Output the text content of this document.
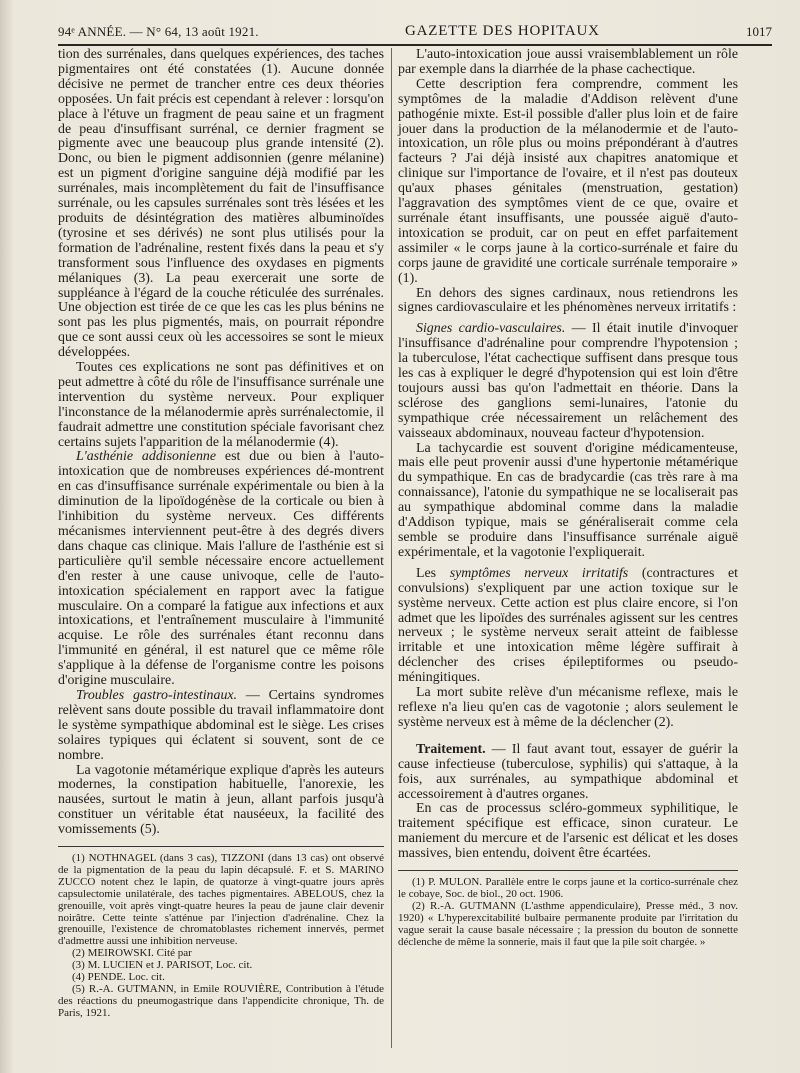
94ᵉ ANNÉE. — N° 64, 13 août 1921.	GAZETTE DES HOPITAUX	1017

tion des surrénales, dans quelques expériences, des taches pigmentaires ont été constatées (1). Aucune donnée décisive ne permet de trancher entre ces deux théories opposées. Un fait précis est cependant à relever : lorsqu'on place à l'étuve un fragment de peau saine et un fragment de peau d'insuffisant surrénal, ce dernier fragment se pigmente avec une beaucoup plus grande intensité (2). Donc, ou bien le pigment addisonnien (genre mélanine) est un pigment d'origine sanguine déjà modifié par les surrénales, mais incomplètement du fait de l'insuffisance surrénale, ou les capsules surrénales sont très lésées et les produits de désintégration des matières albuminoïdes (tyrosine et ses dérivés) ne sont plus utilisés pour la formation de l'adrénaline, restent fixés dans la peau et s'y transforment sous l'influence des oxydases en pigments mélaniques (3). La peau exercerait une sorte de suppléance à l'égard de la couche réticulée des surrénales. Une objection est tirée de ce que les cas les plus bénins ne sont pas les plus pigmentés, mais, on pourrait répondre que ce sont aussi ceux où les accessoires se sont le mieux développées.

Toutes ces explications ne sont pas définitives et on peut admettre à côté du rôle de l'insuffisance surrénale une intervention du système nerveux. Pour expliquer l'inconstance de la mélanodermie après surrénalectomie, il faudrait admettre une constitution spéciale favorisant chez certains sujets l'apparition de la mélanodermie (4).

L'asthénie addisonienne est due ou bien à l'auto-intoxication que de nombreuses expériences dé-montrent en cas d'insuffisance surrénale expérimentale ou bien à la diminution de la lipoïdogénèse de la corticale ou bien à l'inhibition du système nerveux. Ces différents mécanismes interviennent peut-être à des degrés divers dans chaque cas clinique. Mais l'allure de l'asthénie est si particulière qu'il semble nécessaire encore actuellement d'en rester à une cause univoque, celle de l'auto-intoxication spécialement en rapport avec la fatigue musculaire. On a comparé la fatigue aux infections et aux intoxications, et l'entraînement musculaire à l'immunité acquise. Le rôle des surrénales étant reconnu dans l'immunité en général, il est naturel que ce même rôle s'applique à la défense de l'organisme contre les poisons d'origine musculaire.

Troubles gastro-intestinaux. — Certains syndromes relèvent sans doute possible du travail inflammatoire dont le système sympathique abdominal est le siège. Les crises solaires typiques qui éclatent si souvent, sont de ce nombre.

La vagotonie métamérique explique d'après les auteurs modernes, la constipation habituelle, l'anorexie, les nausées, surtout le matin à jeun, allant parfois jusqu'à constituer un véritable état nauséeux, la facilité des vomissements (5).

(1) NOTHNAGEL (dans 3 cas), TIZZONI (dans 13 cas) ont observé de la pigmentation de la peau du lapin décapsulé. F. et S. MARINO ZUCCO notent chez le lapin, de quatorze à vingt-quatre jours après capsulectomie unilatérale, des taches pigmentaires. ABELOUS, chez la grenouille, voit après vingt-quatre heures la peau de jaune clair devenir noirâtre. Cette teinte s'atténue par l'injection d'adrénaline. Chez la grenouille, l'existence de chromatoblastes richement innervés, permet d'admettre aussi une inhibition nerveuse.

(2) MEIROWSKI. Cité par

(3) M. LUCIEN et J. PARISOT, Loc. cit.

(4) PENDE. Loc. cit.

(5) R.-A. GUTMANN, in Emile ROUVIÈRE, Contribution à l'étude des réactions du pneumogastrique dans l'appendicite chronique, Th. de Paris, 1921.

L'auto-intoxication joue aussi vraisemblablement un rôle par exemple dans la diarrhée de la phase cachectique.

Cette description fera comprendre, comment les symptômes de la maladie d'Addison relèvent d'une pathogénie mixte. Est-il possible d'aller plus loin et de faire jouer dans la production de la mélanodermie et de l'auto-intoxication, un rôle plus ou moins prépondérant à d'autres facteurs ? J'ai déjà insisté aux chapitres anatomique et clinique sur l'importance de l'ovaire, et il n'est pas douteux qu'aux phases génitales (menstruation, gestation) l'aggravation des symptômes vient de ce que, ovaire et surrénale étant insuffisants, une poussée aiguë d'auto-intoxication se produit, car on peut en effet parfaitement assimiler « le corps jaune à la cortico-surrénale et faire du corps jaune de gravidité une corticale surrénale temporaire » (1).

En dehors des signes cardinaux, nous retiendrons les signes cardiovasculaire et les phénomènes nerveux irritatifs :

Signes cardio-vasculaires. — Il était inutile d'invoquer l'insuffisance d'adrénaline pour comprendre l'hypotension ; la tuberculose, l'état cachectique suffisent dans presque tous les cas à expliquer le degré d'hypotension qui est loin d'être toujours aussi bas qu'on l'admettait en théorie. Dans la sclérose des ganglions semi-lunaires, l'atonie du sympathique crée nécessairement un relâchement des vaisseaux abdominaux, nouveau facteur d'hypotension.

La tachycardie est souvent d'origine médicamenteuse, mais elle peut provenir aussi d'une hypertonie métamérique du sympathique. En cas de bradycardie (cas très rare à ma connaissance), l'atonie du sympathique ne se localiserait pas au sympathique abdominal comme dans la maladie d'Addison typique, mais se généraliserait comme cela semble se produire dans l'insuffisance surrénale aiguë expérimentale, et la vagotonie l'expliquerait.

Les symptômes nerveux irritatifs (contractures et convulsions) s'expliquent par une action toxique sur le système nerveux. Cette action est plus claire encore, si l'on admet que les lipoïdes des surrénales agissent sur les centres nerveux ; le système nerveux serait atteint de faiblesse irritable et une intoxication même légère suffirait à déclencher des crises épileptiformes ou pseudo-méningitiques.

La mort subite relève d'un mécanisme reflexe, mais le reflexe n'a lieu qu'en cas de vagotonie ; alors seulement le système nerveux est à même de la déclencher (2).

Traitement. — Il faut avant tout, essayer de guérir la cause infectieuse (tuberculose, syphilis) qui s'attaque, à la fois, aux surrénales, au sympathique abdominal et accessoirement à d'autres organes.

En cas de processus scléro-gommeux syphilitique, le traitement spécifique est efficace, sinon curateur. Le maniement du mercure et de l'arsenic est délicat et les doses massives, bien entendu, doivent être écartées.

(1) P. MULON. Parallèle entre le corps jaune et la cortico-surrénale chez le cobaye, Soc. de biol., 20 oct. 1906.

(2) R.-A. GUTMANN (L'asthme appendiculaire), Presse méd., 3 nov. 1920) « L'hyperexcitabilité bulbaire permanente produite par l'irritation du vague serait la cause basale nécessaire ; la pression du bouton de sonnette déclenche de même la sonnerie, mais il faut que la pile soit chargée. »
